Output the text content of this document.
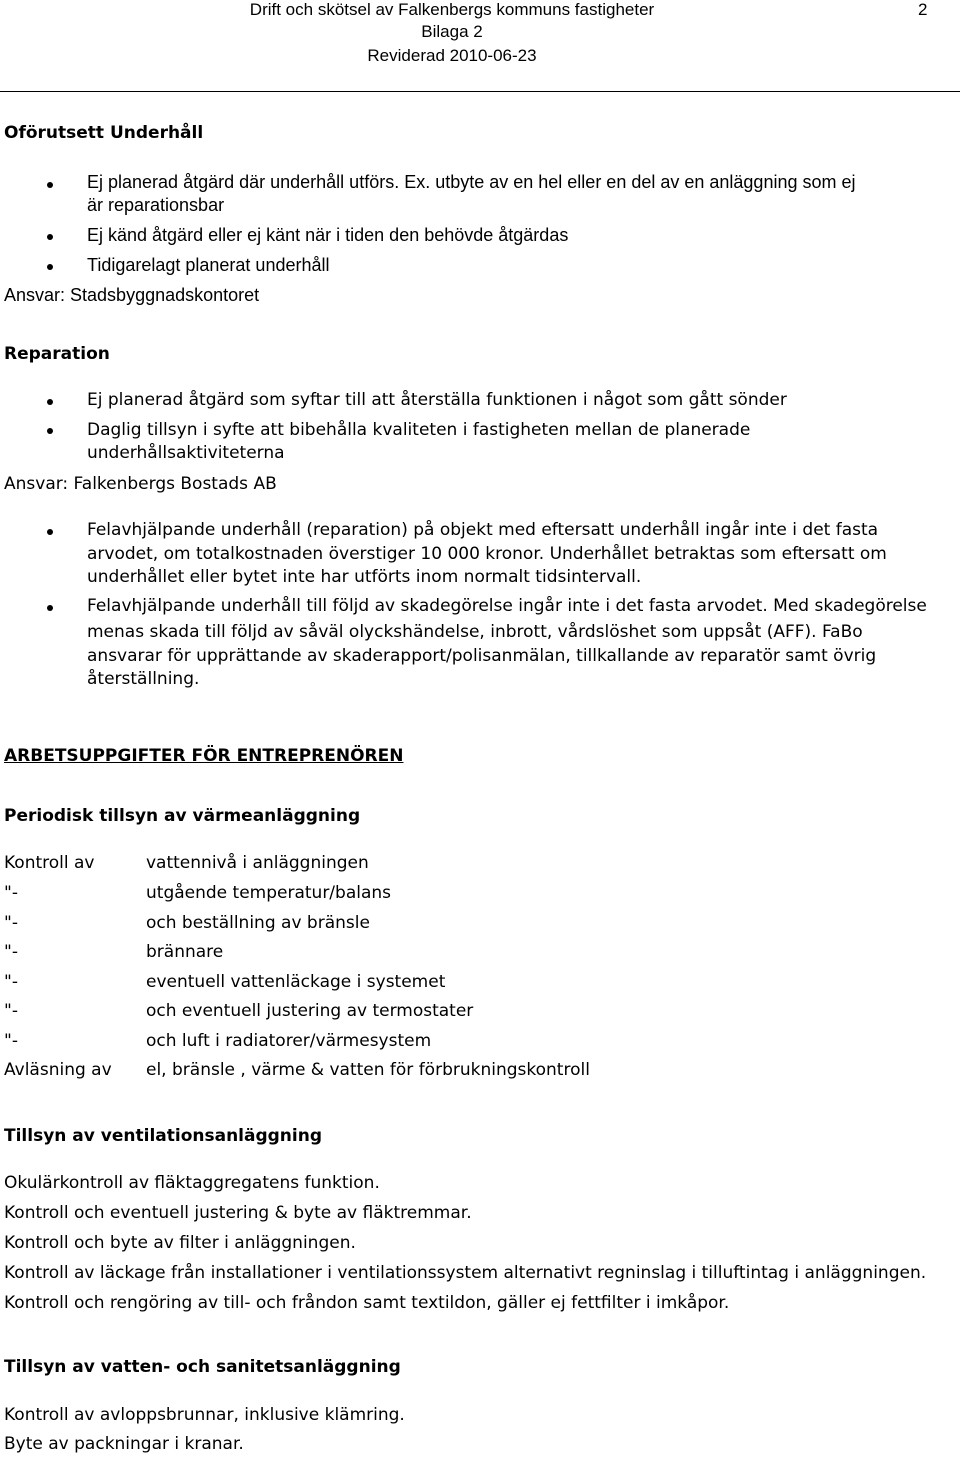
Drift och skötsel av Falkenbergs kommuns fastigheter
Bilaga 2
Reviderad 2010-06-23
2
Oförutsett Underhåll
Ej planerad åtgärd där underhåll utförs. Ex. utbyte av en hel eller en del av en anläggning som ej
är reparationsbar
Ej känd åtgärd eller ej känt när i tiden den behövde åtgärdas
Tidigarelagt planerat underhåll
Ansvar: Stadsbyggnadskontoret
Reparation
Ej planerad åtgärd som syftar till att återställa funktionen i något som gått sönder
Daglig tillsyn i syfte att bibehålla kvaliteten i fastigheten mellan de planerade
underhållsaktiviteterna
Ansvar: Falkenbergs Bostads AB
Felavhjälpande underhåll (reparation) på objekt med eftersatt underhåll ingår inte i det fasta
arvodet, om totalkostnaden överstiger 10 000 kronor. Underhållet betraktas som eftersatt om
underhållet eller bytet inte har utförts inom normalt tidsintervall.
Felavhjälpande underhåll till följd av skadegörelse ingår inte i det fasta arvodet. Med skadegörelse
menas skada till följd av såväl olyckshändelse, inbrott, vårdslöshet som uppsåt (AFF). FaBo
ansvarar för upprättande av skaderapport/polisanmälan, tillkallande av reparatör samt övrig
återställning.
ARBETSUPPGIFTER FÖR ENTREPRENÖREN
Periodisk tillsyn av värmeanläggning
Kontroll av	vattennivå i anläggningen
"-	utgående temperatur/balans
"-	och beställning av bränsle
"-	brännare
"-	eventuell vattenläckage i systemet
"-	och eventuell justering av termostater
"-	och luft i radiatorer/värmesystem
Avläsning av el, bränsle , värme & vatten för förbrukningskontroll
Tillsyn av ventilationsanläggning
Okulärkontroll av fläktaggregatens funktion.
Kontroll och eventuell justering & byte av fläktremmar.
Kontroll och byte av filter i anläggningen.
Kontroll av läckage från installationer i ventilationssystem alternativt regninslag i tilluftintag i anläggningen.
Kontroll och rengöring av till- och fråndon samt textildon, gäller ej fettfilter i imkåpor.
Tillsyn av vatten- och sanitetsanläggning
Kontroll av avloppsbrunnar, inklusive klämring.
Byte av packningar i kranar.
